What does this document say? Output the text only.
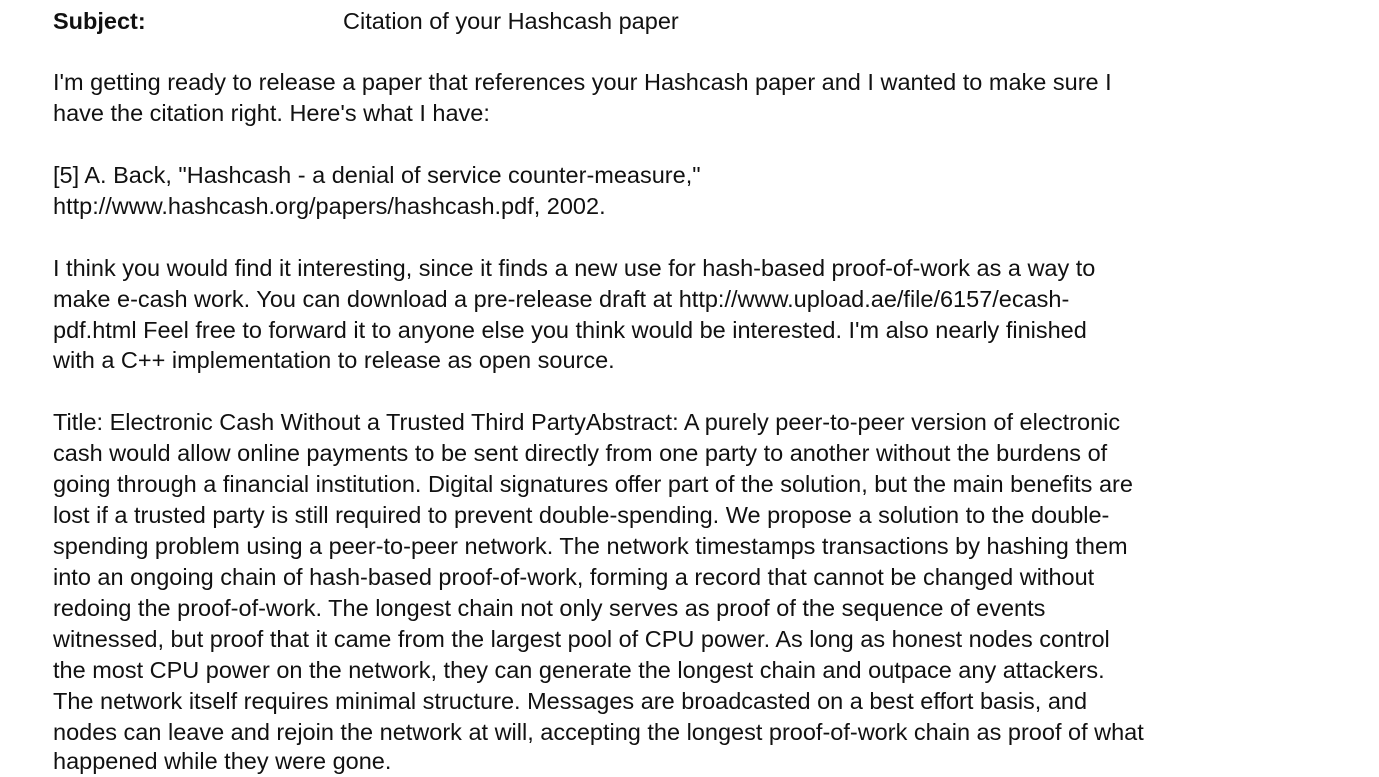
Subject:	Citation of your Hashcash paper
I'm getting ready to release a paper that references your Hashcash paper and I wanted to make sure I
have the citation right. Here's what I have:
[5] A. Back, "Hashcash - a denial of service counter-measure,"
http://www.hashcash.org/papers/hashcash.pdf, 2002.
I think you would find it interesting, since it finds a new use for hash-based proof-of-work as a way to
make e-cash work. You can download a pre-release draft at http://www.upload.ae/file/6157/ecash-
pdf.html Feel free to forward it to anyone else you think would be interested. I'm also nearly finished
with a C++ implementation to release as open source.
Title: Electronic Cash Without a Trusted Third PartyAbstract: A purely peer-to-peer version of electronic
cash would allow online payments to be sent directly from one party to another without the burdens of
going through a financial institution. Digital signatures offer part of the solution, but the main benefits are
lost if a trusted party is still required to prevent double-spending. We propose a solution to the double-
spending problem using a peer-to-peer network. The network timestamps transactions by hashing them
into an ongoing chain of hash-based proof-of-work, forming a record that cannot be changed without
redoing the proof-of-work. The longest chain not only serves as proof of the sequence of events
witnessed, but proof that it came from the largest pool of CPU power. As long as honest nodes control
the most CPU power on the network, they can generate the longest chain and outpace any attackers.
The network itself requires minimal structure. Messages are broadcasted on a best effort basis, and
nodes can leave and rejoin the network at will, accepting the longest proof-of-work chain as proof of what
happened while they were gone.
